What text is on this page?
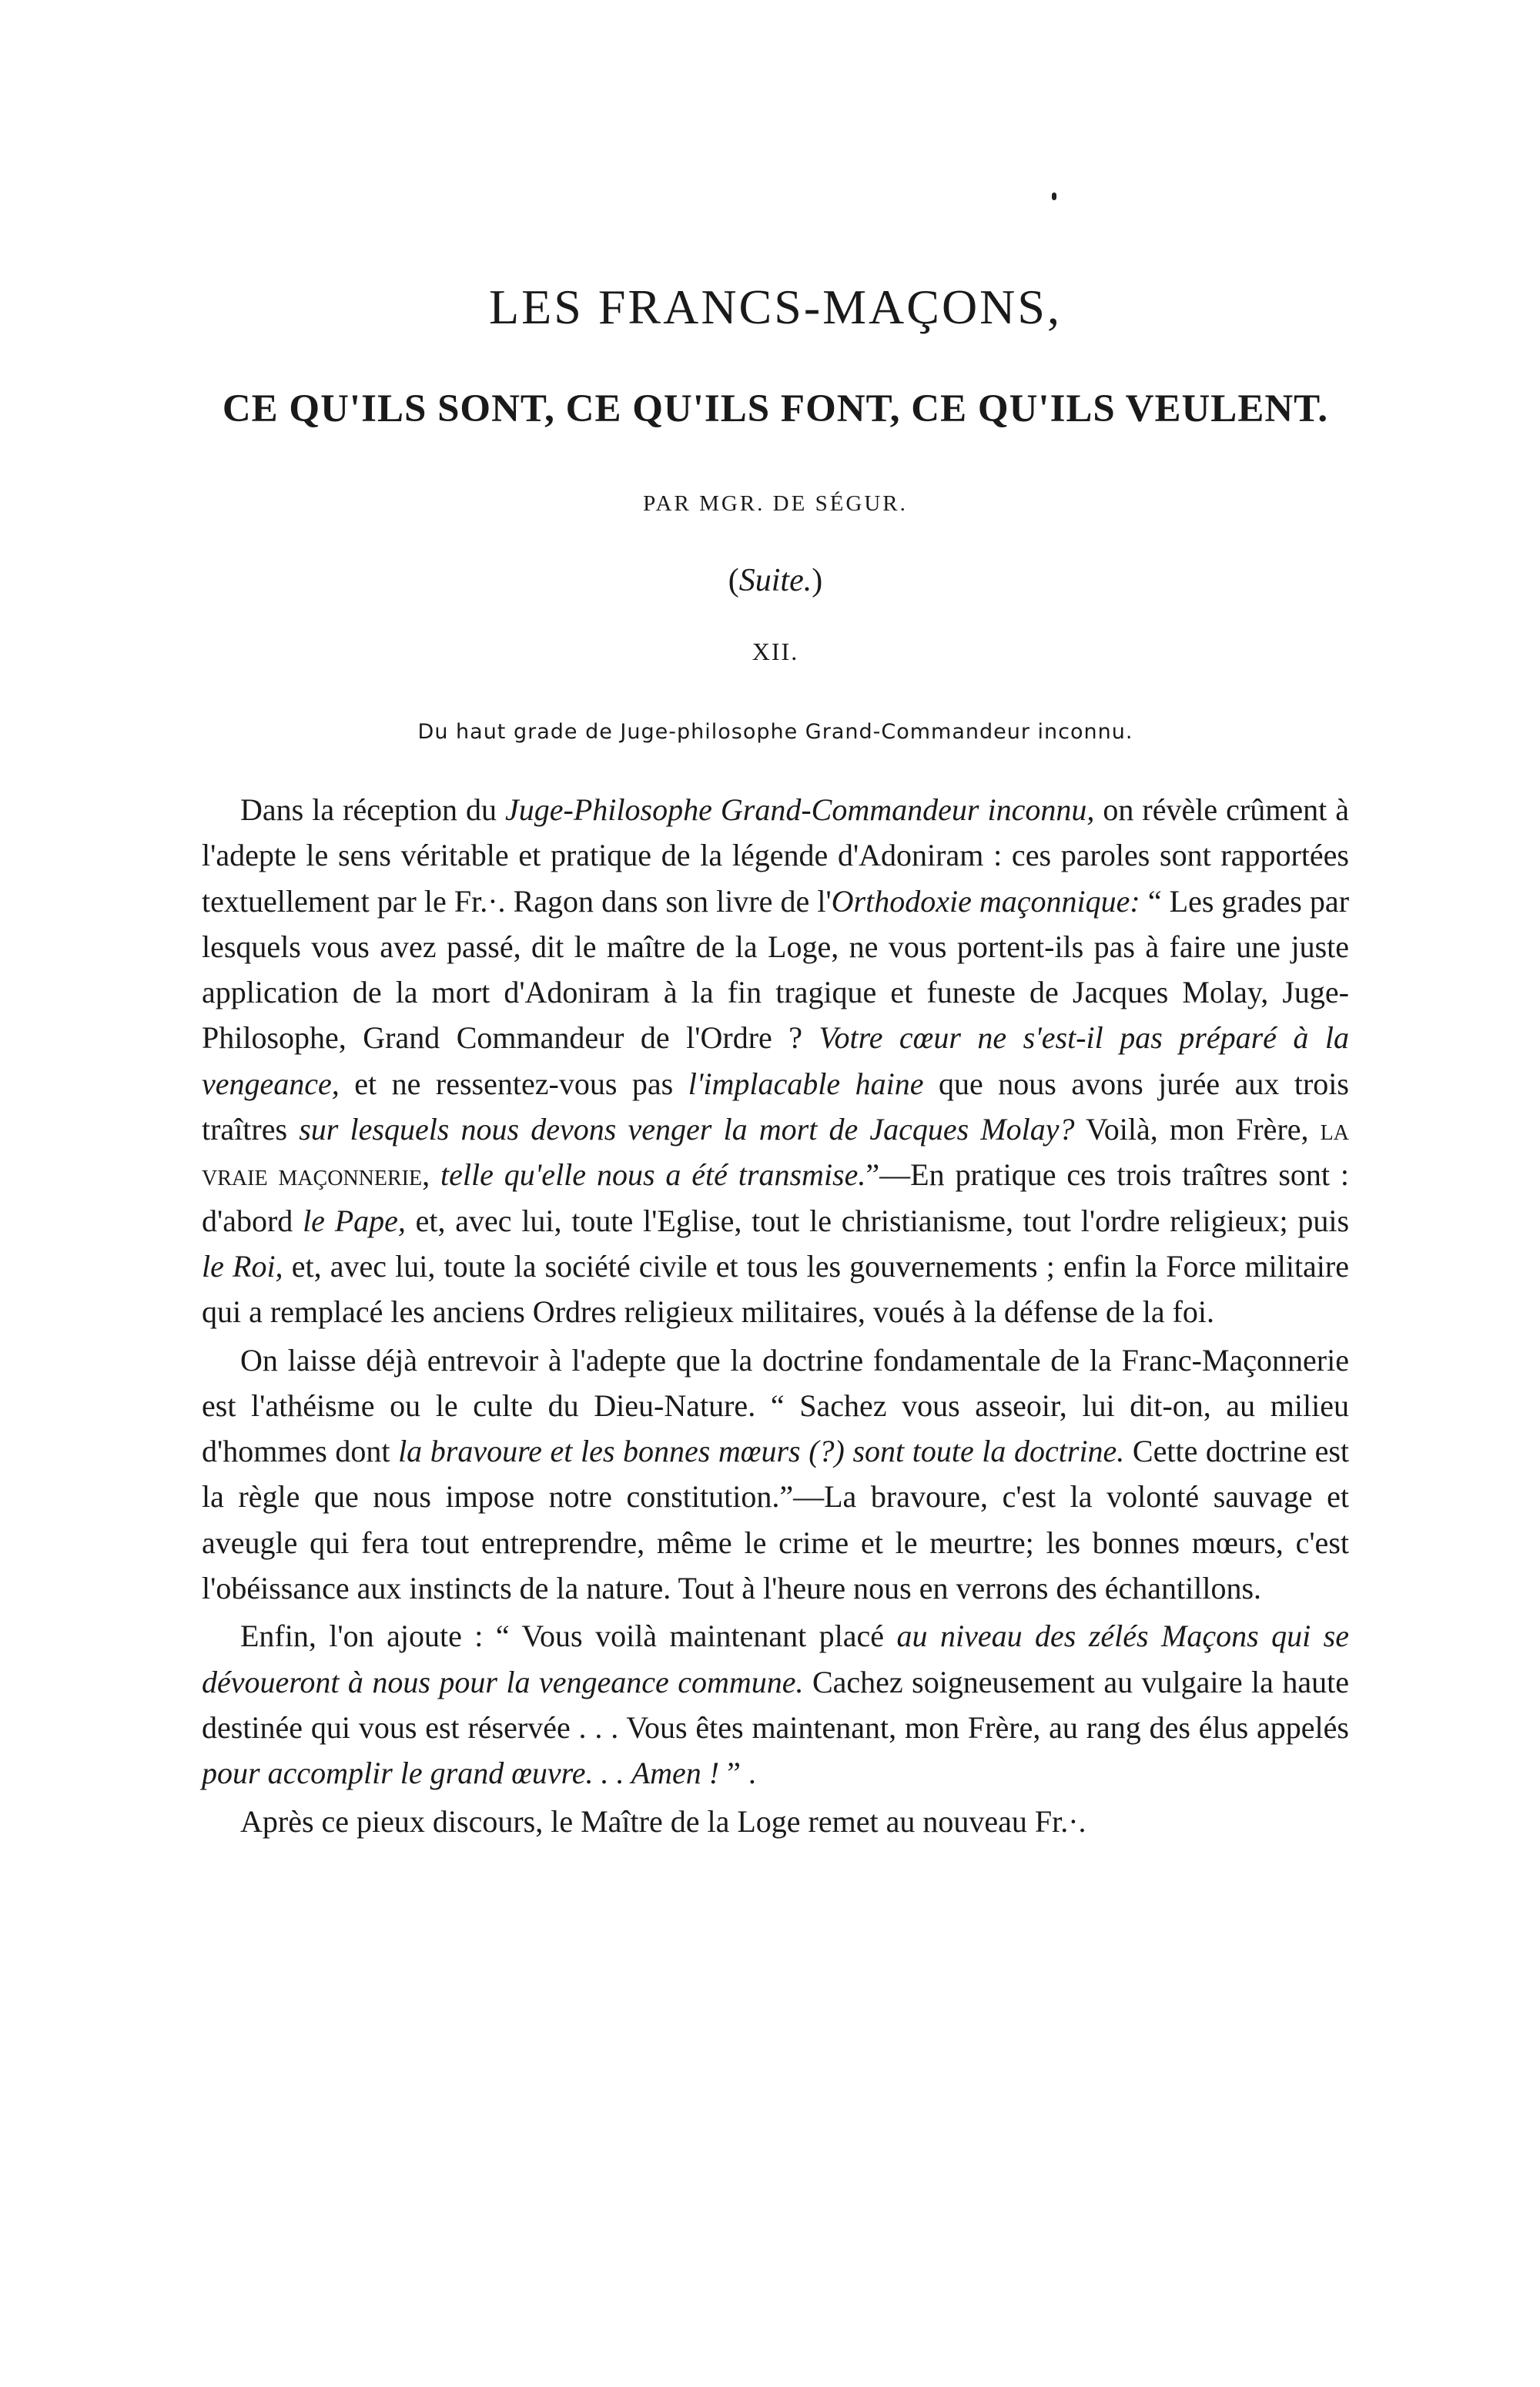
LES FRANCS-MAÇONS,
CE QU'ILS SONT, CE QU'ILS FONT, CE QU'ILS VEULENT.
PAR MGR. DE SÉGUR.
(Suite.)
XII.
Du haut grade de Juge-philosophe Grand-Commandeur inconnu.

Dans la réception du Juge-Philosophe Grand-Commandeur inconnu, on révèle crûment à l'adepte le sens véritable et pratique de la légende d'Adoniram : ces paroles sont rapportées textuellement par le Fr.·. Ragon dans son livre de l'Orthodoxie maçonnique: “ Les grades par lesquels vous avez passé, dit le maître de la Loge, ne vous portent-ils pas à faire une juste application de la mort d'Adoniram à la fin tragique et funeste de Jacques Molay, Juge-Philosophe, Grand Commandeur de l'Ordre ? Votre cœur ne s'est-il pas préparé à la vengeance, et ne ressentez-vous pas l'implacable haine que nous avons jurée aux trois traîtres sur lesquels nous devons venger la mort de Jacques Molay? Voilà, mon Frère, la vraie maçonnerie, telle qu'elle nous a été transmise.”—En pratique ces trois traîtres sont : d'abord le Pape, et, avec lui, toute l'Eglise, tout le christianisme, tout l'ordre religieux; puis le Roi, et, avec lui, toute la société civile et tous les gouvernements ; enfin la Force militaire qui a remplacé les anciens Ordres religieux militaires, voués à la défense de la foi.

On laisse déjà entrevoir à l'adepte que la doctrine fondamentale de la Franc-Maçonnerie est l'athéisme ou le culte du Dieu-Nature. “ Sachez vous asseoir, lui dit-on, au milieu d'hommes dont la bravoure et les bonnes mœurs (?) sont toute la doctrine. Cette doctrine est la règle que nous impose notre constitution.”—La bravoure, c'est la volonté sauvage et aveugle qui fera tout entreprendre, même le crime et le meurtre; les bonnes mœurs, c'est l'obéissance aux instincts de la nature. Tout à l'heure nous en verrons des échantillons.

Enfin, l'on ajoute : “ Vous voilà maintenant placé au niveau des zélés Maçons qui se dévoueront à nous pour la vengeance commune. Cachez soigneusement au vulgaire la haute destinée qui vous est réservée . . . Vous êtes maintenant, mon Frère, au rang des élus appelés pour accomplir le grand œuvre. . . Amen ! ” .

Après ce pieux discours, le Maître de la Loge remet au nouveau Fr.·.
